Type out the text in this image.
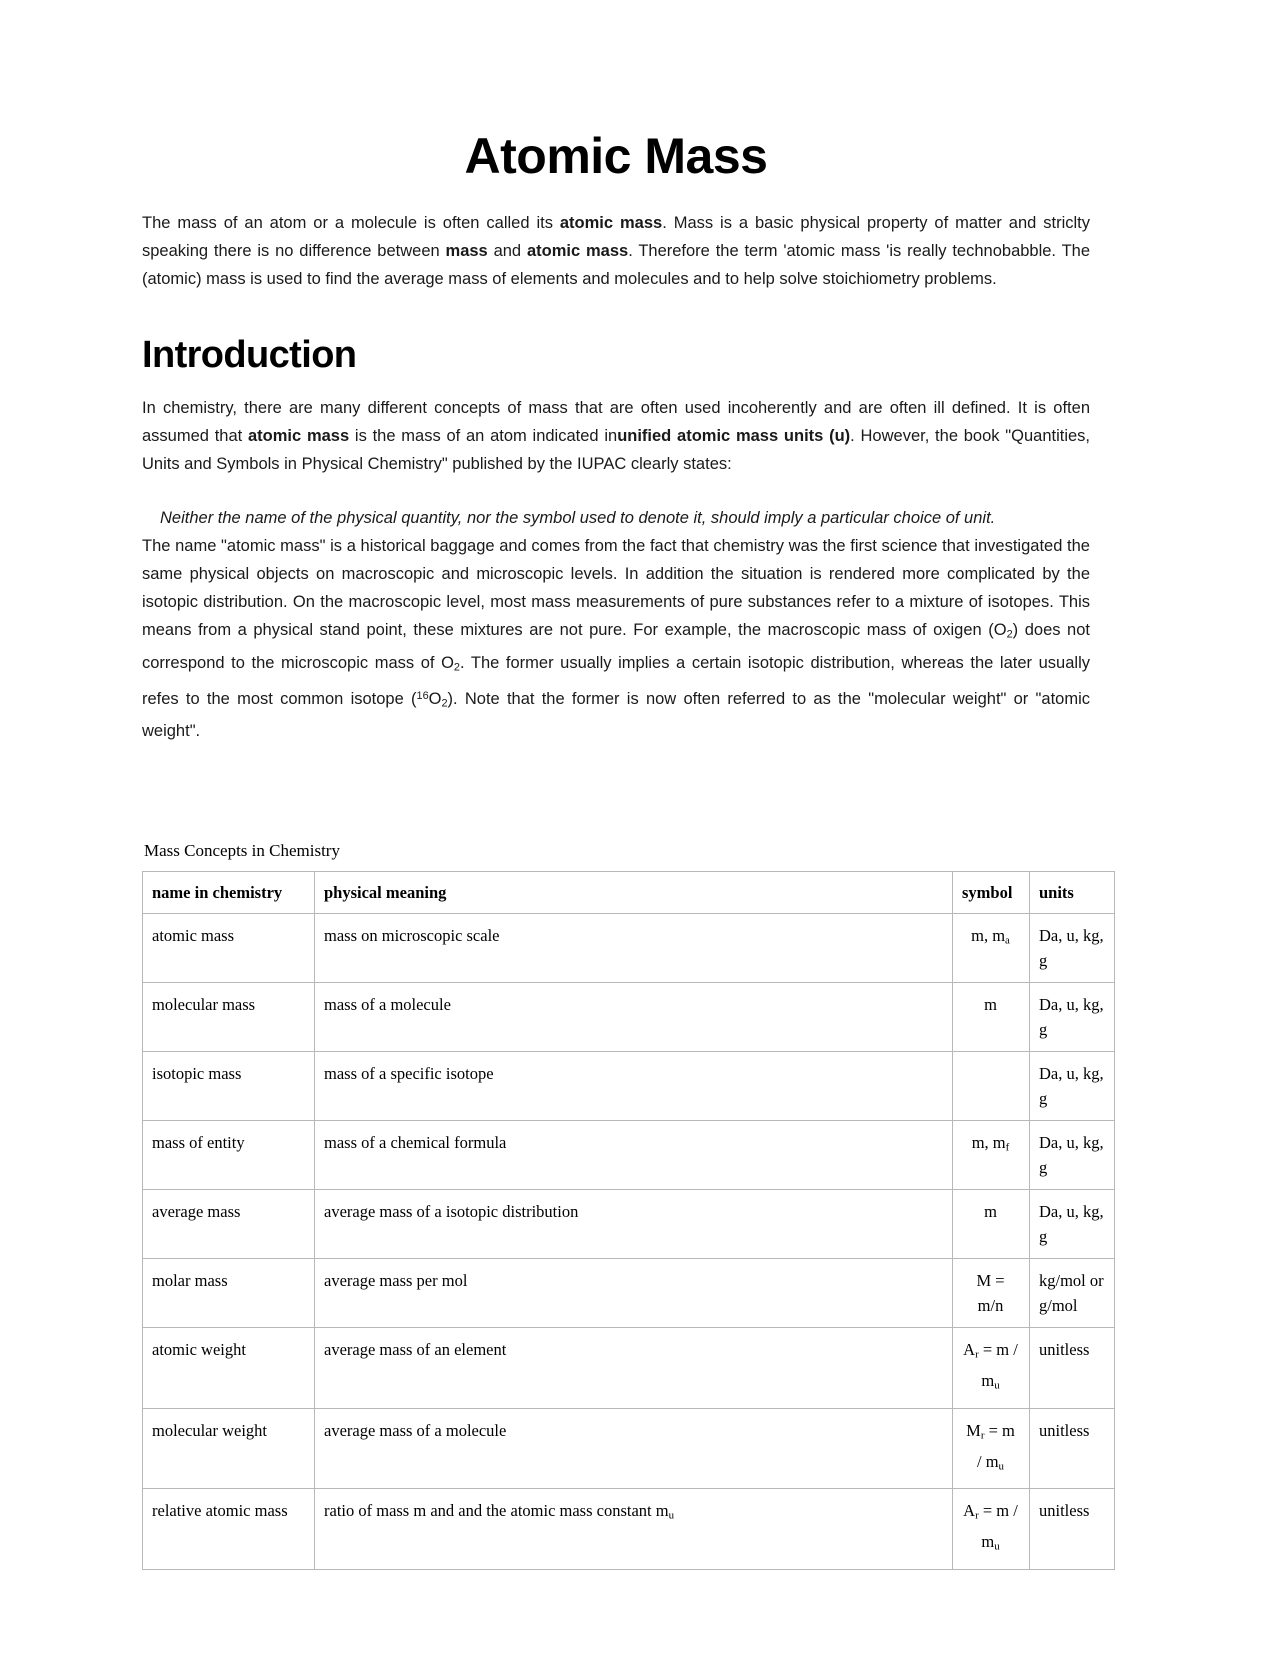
Atomic Mass

The mass of an atom or a molecule is often called its atomic mass. Mass is a basic physical property of matter and striclty speaking there is no difference between mass and atomic mass. Therefore the term 'atomic mass 'is really technobabble. The (atomic) mass is used to find the average mass of elements and molecules and to help solve stoichiometry problems.

Introduction

In chemistry, there are many different concepts of mass that are often used incoherently and are often ill defined. It is often assumed that atomic mass is the mass of an atom indicated inunified atomic mass units (u). However, the book "Quantities, Units and Symbols in Physical Chemistry" published by the IUPAC clearly states:

Neither the name of the physical quantity, nor the symbol used to denote it, should imply a particular choice of unit.

The name "atomic mass" is a historical baggage and comes from the fact that chemistry was the first science that investigated the same physical objects on macroscopic and microscopic levels. In addition the situation is rendered more complicated by the isotopic distribution. On the macroscopic level, most mass measurements of pure substances refer to a mixture of isotopes. This means from a physical stand point, these mixtures are not pure. For example, the macroscopic mass of oxigen $(O_2)$ does not correspond to the microscopic mass of $O_2$. The former usually implies a certain isotopic distribution, whereas the later usually refes to the most common isotope $(^{16}O_2)$. Note that the former is now often referred to as the "molecular weight" or "atomic weight".

Mass Concepts in Chemistry
name in chemistry	physical meaning	symbol	units
atomic mass	mass on microscopic scale	m, $m_a$	Da, u, kg, g
molecular mass	mass of a molecule	m	Da, u, kg, g
isotopic mass	mass of a specific isotope		Da, u, kg, g
mass of entity	mass of a chemical formula	m, $m_f$	Da, u, kg, g
average mass	average mass of a isotopic distribution	m	Da, u, kg, g
molar mass	average mass per mol	M = m/n	kg/mol or g/mol
atomic weight	average mass of an element	$A_r = m / m_u$	unitless
molecular weight	average mass of a molecule	$M_r = m / m_u$	unitless
relative atomic mass	ratio of mass m and and the atomic mass constant $m_u$	$A_r = m / m_u$	unitless
